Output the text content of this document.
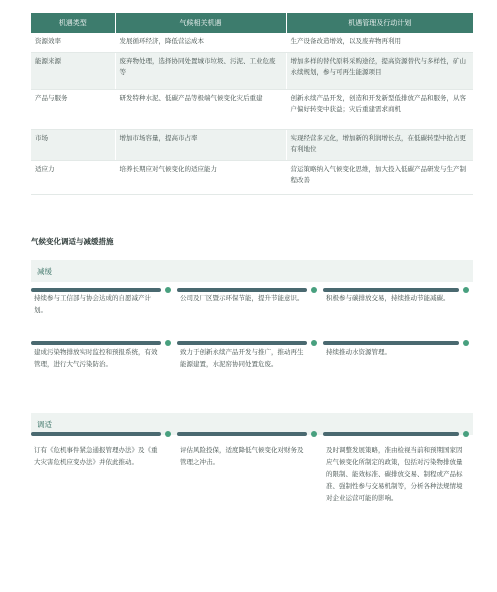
机遇类型	气候相关机遇	机遇管理及行动计划
资源效率	发展循环经济，降低营运成本	生产设备改造增效，以及废弃物再利用
能源来源	废弃物处理，选择协同处置城市垃圾、污泥、工业危废等	增加多样的替代原料采购途径，提高资源替代与多样性，矿山永续规划，参与可再生能源项目
产品与服务	研发特种水泥、低碳产品等极端气候变化灾后重建	创新永续产品开发，创造和开发新型低排放产品和服务，从客户偏好转变中获益；灾后重建需求商机
市场	增加市场容量，提高市占率	实现经营多元化，增加新的利润增长点，在低碳转型中抢占更有利地位
适应力	培养长期应对气候变化的适应能力	营运策略纳入气候变化思维，加大投入低碳产品研发与生产制程改善
气候变化调适与减缓措施
减缓
持续参与工信部与协会达成的自愿减产计划。
公司及厂区暨示环保节能，提升节能意识。	积极参与碳排放交易，持续推动节能减碳。
建成污染物排放实时监控和预报系统，有效管理，进行大气污染防治。
致力于创新永续产品开发与推广，推动再生能源建置，水泥窑协同处置危废。
持续推动水资源管理。
调适
订有《危机事件紧急通报管理办法》及《重大灾害危机应变办法》并依此推动。
评估风险投保，适度降低气候变化对财务及管理之冲击。
及时调整发展策略，准由检视当前和预期国家因应气候变化所制定的政策，包括对污染物排放量的限制、能效标准、碳排放交易、制程或产品标准、强制性参与交易机制等，分析各种法规情境对企业运营可能的影响。
